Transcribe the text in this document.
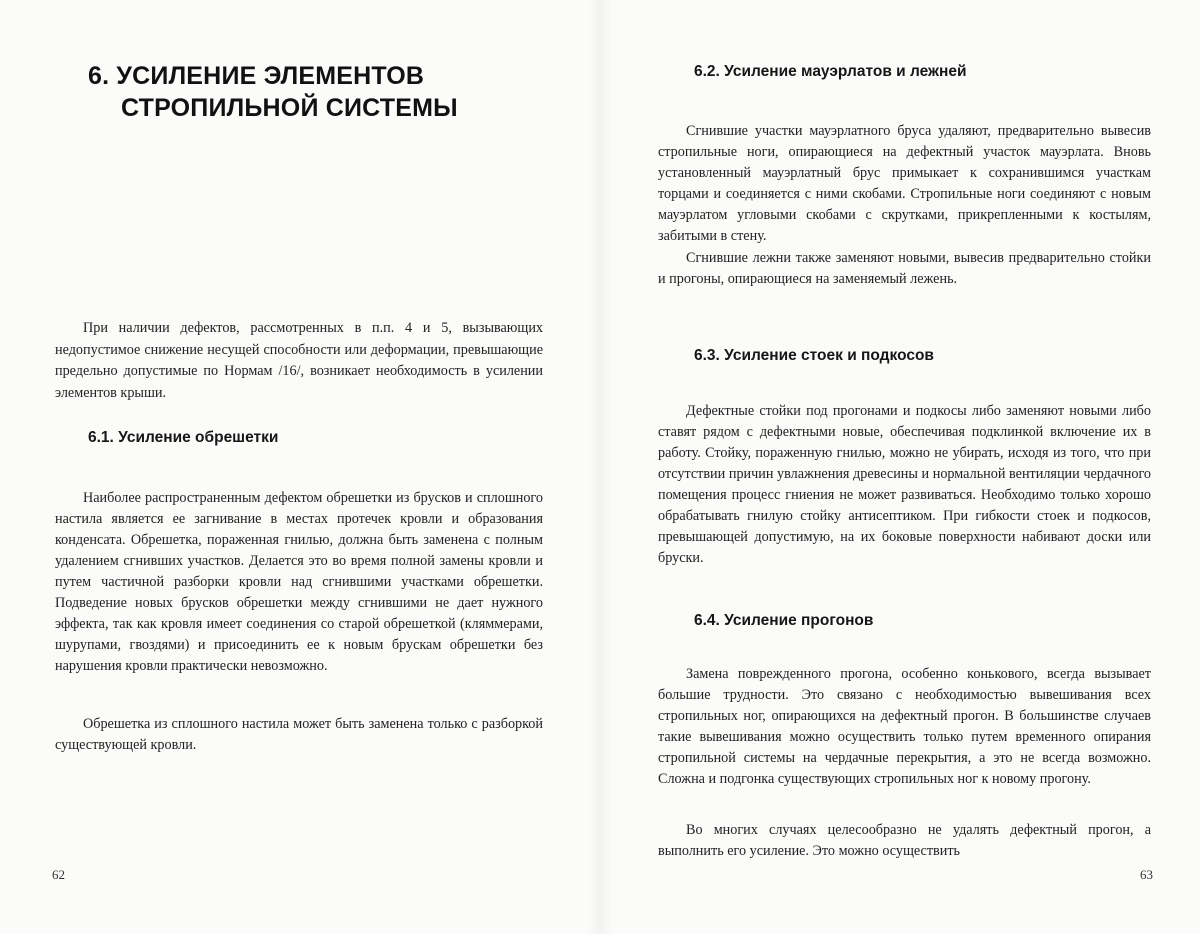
6. УСИЛЕНИЕ ЭЛЕМЕНТОВ
СТРОПИЛЬНОЙ СИСТЕМЫ

При наличии дефектов, рассмотренных в п.п. 4 и 5, вызывающих недопустимое снижение несущей способности или деформации, превышающие предельно допустимые по Нормам /16/, возникает необходимость в усилении элементов крыши.

6.1. Усиление обрешетки

Наиболее распространенным дефектом обрешетки из брусков и сплошного настила является ее загнивание в местах протечек кровли и образования конденсата. Обрешетка, пораженная гнилью, должна быть заменена с полным удалением сгнивших участков. Делается это во время полной замены кровли и путем частичной разборки кровли над сгнившими участками обрешетки. Подведение новых брусков обрешетки между сгнившими не дает нужного эффекта, так как кровля имеет соединения со старой обрешеткой (кляммерами, шурупами, гвоздями) и присоединить ее к новым брускам обрешетки без нарушения кровли практически невозможно.

Обрешетка из сплошного настила может быть заменена только с разборкой существующей кровли.

62
6.2. Усиление мауэрлатов и лежней

Сгнившие участки мауэрлатного бруса удаляют, предварительно вывесив стропильные ноги, опирающиеся на дефектный участок мауэрлата. Вновь установленный мауэрлатный брус примыкает к сохранившимся участкам торцами и соединяется с ними скобами. Стропильные ноги соединяют с новым мауэрлатом угловыми скобами с скрутками, прикрепленными к костылям, забитыми в стену.

Сгнившие лежни также заменяют новыми, вывесив предварительно стойки и прогоны, опирающиеся на заменяемый лежень.

6.3. Усиление стоек и подкосов

Дефектные стойки под прогонами и подкосы либо заменяют новыми либо ставят рядом с дефектными новые, обеспечивая подклинкой включение их в работу. Стойку, пораженную гнилью, можно не убирать, исходя из того, что при отсутствии причин увлажнения древесины и нормальной вентиляции чердачного помещения процесс гниения не может развиваться. Необходимо только хорошо обрабатывать гнилую стойку антисептиком. При гибкости стоек и подкосов, превышающей допустимую, на их боковые поверхности набивают доски или бруски.

6.4. Усиление прогонов

Замена поврежденного прогона, особенно конькового, всегда вызывает большие трудности. Это связано с необходимостью вывешивания всех стропильных ног, опирающихся на дефектный прогон. В большинстве случаев такие вывешивания можно осуществить только путем временного опирания стропильной системы на чердачные перекрытия, а это не всегда возможно. Сложна и подгонка существующих стропильных ног к новому прогону.

Во многих случаях целесообразно не удалять дефектный прогон, а выполнить его усиление. Это можно осуществить

63
